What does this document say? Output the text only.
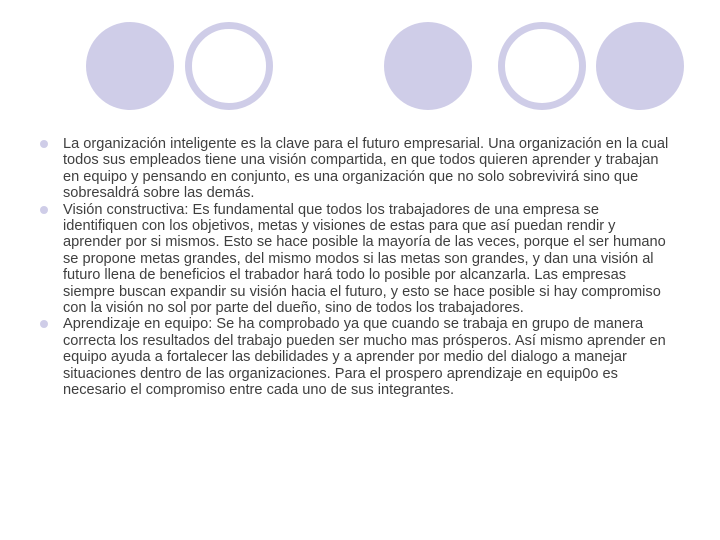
La organización inteligente es la clave para el futuro empresarial. Una organización en la cual todos sus empleados tiene una visión compartida, en que todos quieren aprender y trabajan en equipo y pensando en conjunto, es una organización que no solo sobrevivirá sino que sobresaldrá sobre las demás.
Visión constructiva: Es fundamental que todos los trabajadores de una empresa se identifiquen con los objetivos, metas y visiones de estas para que así puedan rendir y aprender por si mismos. Esto se hace posible la mayoría de las veces, porque el ser humano se propone metas grandes, del mismo modos si las metas son grandes, y dan una visión al futuro llena de beneficios el trabador hará todo lo posible por alcanzarla. Las empresas siempre buscan expandir su visión hacia el futuro, y esto se hace posible si hay compromiso con la visión no sol por parte del dueño, sino de todos los trabajadores.
Aprendizaje en equipo: Se ha comprobado ya que cuando se trabaja en grupo de manera correcta los resultados del trabajo pueden ser mucho mas prósperos. Así mismo aprender en equipo ayuda a fortalecer las debilidades y a aprender por medio del dialogo a manejar situaciones dentro de las organizaciones. Para el prospero aprendizaje en equip0o es necesario el compromiso entre cada uno de sus integrantes.
